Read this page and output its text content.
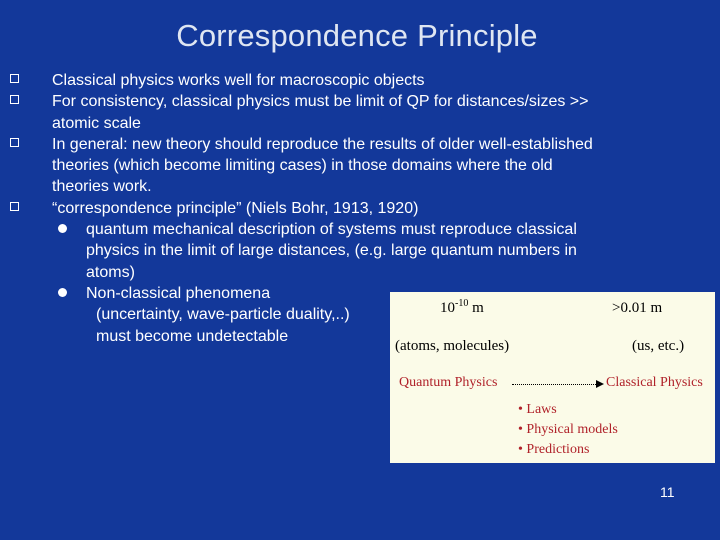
Correspondence Principle
Classical physics works well for macroscopic objects
For consistency, classical physics must be limit of QP for distances/sizes >>
atomic scale
In general: new theory should reproduce the results of older well-established
theories (which become limiting cases) in those domains where the old
theories work.
“correspondence principle” (Niels Bohr, 1913, 1920)
quantum mechanical description of systems must reproduce classical
physics in the limit of large distances, (e.g. large quantum numbers in
atoms)
Non-classical phenomena
(uncertainty, wave-particle duality,..)
must become undetectable
$10^{-10}$ m	>0.01 m
(atoms, molecules)	(us, etc.)
Quantum Physics	Classical Physics
• Laws
• Physical models
• Predictions
11
